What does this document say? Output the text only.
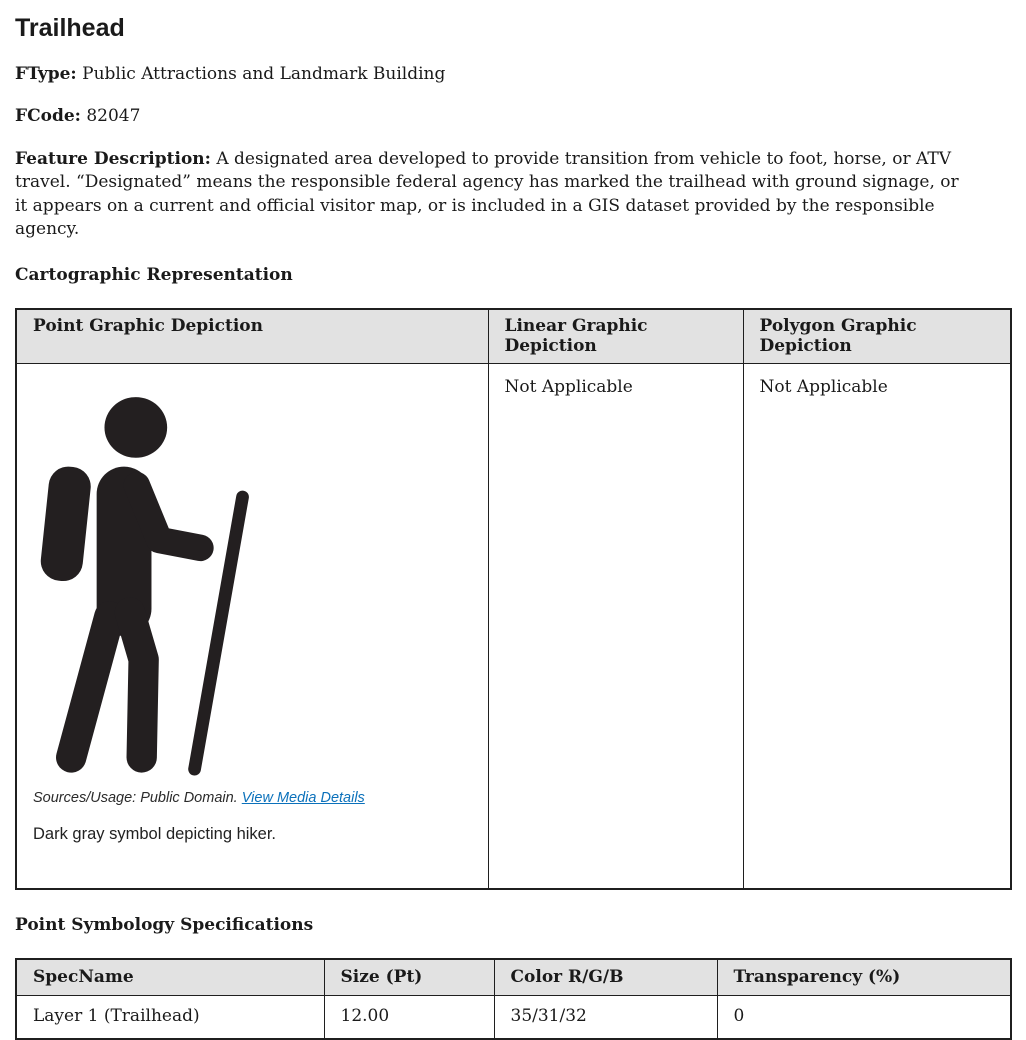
Trailhead

FType: Public Attractions and Landmark Building

FCode: 82047

Feature Description: A designated area developed to provide transition from vehicle to foot, horse, or ATV travel. “Designated” means the responsible federal agency has marked the trailhead with ground signage, or it appears on a current and official visitor map, or is included in a GIS dataset provided by the responsible agency.

Cartographic Representation
Point Graphic Depiction	Linear Graphic Depiction	Polygon Graphic Depiction

Sources/Usage: Public Domain. View Media Details
Dark gray symbol depicting hiker.	Not Applicable	Not Applicable
Point Symbology Specifications
SpecName	Size (Pt)	Color R/G/B	Transparency (%)
Layer 1 (Trailhead)	12.00	35/31/32	0
